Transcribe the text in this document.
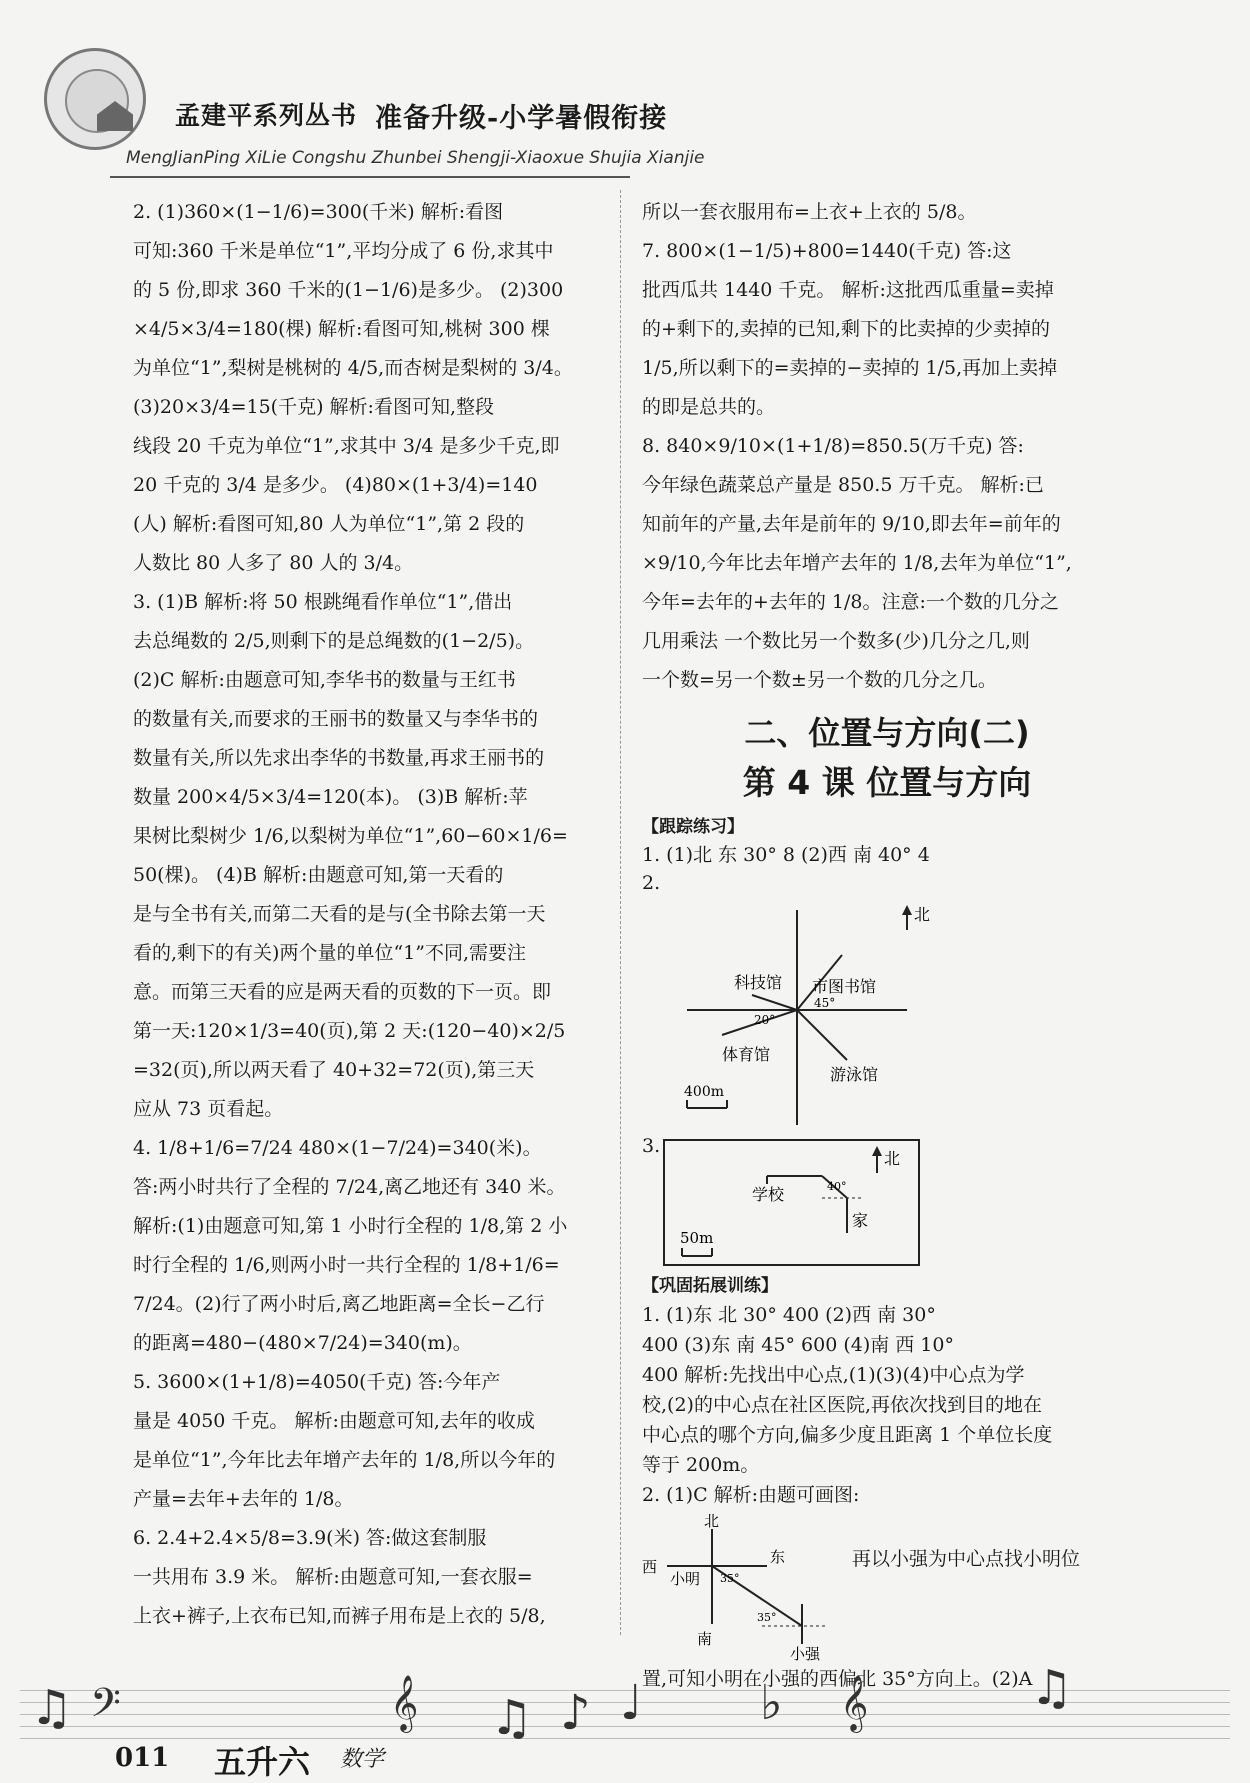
孟建平系列丛书 准备升级-小学暑假衔接
MengJianPing XiLie Congshu Zhunbei Shengji-Xiaoxue Shujia Xianjie

2. (1)360×(1−1/6)=300(千米) 解析:看图

可知:360 千米是单位“1”,平均分成了 6 份,求其中

的 5 份,即求 360 千米的(1−1/6)是多少。 (2)300

×4/5×3/4=180(棵) 解析:看图可知,桃树 300 棵

为单位“1”,梨树是桃树的 4/5,而杏树是梨树的 3/4。

(3)20×3/4=15(千克) 解析:看图可知,整段

线段 20 千克为单位“1”,求其中 3/4 是多少千克,即

20 千克的 3/4 是多少。 (4)80×(1+3/4)=140

(人) 解析:看图可知,80 人为单位“1”,第 2 段的

人数比 80 人多了 80 人的 3/4。

3. (1)B 解析:将 50 根跳绳看作单位“1”,借出

去总绳数的 2/5,则剩下的是总绳数的(1−2/5)。

(2)C 解析:由题意可知,李华书的数量与王红书

的数量有关,而要求的王丽书的数量又与李华书的

数量有关,所以先求出李华的书数量,再求王丽书的

数量 200×4/5×3/4=120(本)。 (3)B 解析:苹

果树比梨树少 1/6,以梨树为单位“1”,60−60×1/6=

50(棵)。 (4)B 解析:由题意可知,第一天看的

是与全书有关,而第二天看的是与(全书除去第一天

看的,剩下的有关)两个量的单位“1”不同,需要注

意。而第三天看的应是两天看的页数的下一页。即

第一天:120×1/3=40(页),第 2 天:(120−40)×2/5

=32(页),所以两天看了 40+32=72(页),第三天

应从 73 页看起。

4. 1/8+1/6=7/24 480×(1−7/24)=340(米)。

答:两小时共行了全程的 7/24,离乙地还有 340 米。

解析:(1)由题意可知,第 1 小时行全程的 1/8,第 2 小

时行全程的 1/6,则两小时一共行全程的 1/8+1/6=

7/24。(2)行了两小时后,离乙地距离=全长−乙行

的距离=480−(480×7/24)=340(m)。

5. 3600×(1+1/8)=4050(千克) 答:今年产

量是 4050 千克。 解析:由题意可知,去年的收成

是单位“1”,今年比去年增产去年的 1/8,所以今年的

产量=去年+去年的 1/8。

6. 2.4+2.4×5/8=3.9(米) 答:做这套制服

一共用布 3.9 米。 解析:由题意可知,一套衣服=

上衣+裤子,上衣布已知,而裤子用布是上衣的 5/8,

所以一套衣服用布=上衣+上衣的 5/8。

7. 800×(1−1/5)+800=1440(千克) 答:这

批西瓜共 1440 千克。 解析:这批西瓜重量=卖掉

的+剩下的,卖掉的已知,剩下的比卖掉的少卖掉的

1/5,所以剩下的=卖掉的−卖掉的 1/5,再加上卖掉

的即是总共的。

8. 840×9/10×(1+1/8)=850.5(万千克) 答:

今年绿色蔬菜总产量是 850.5 万千克。 解析:已

知前年的产量,去年是前年的 9/10,即去年=前年的

×9/10,今年比去年增产去年的 1/8,去年为单位“1”,

今年=去年的+去年的 1/8。注意:一个数的几分之

几用乘法 一个数比另一个数多(少)几分之几,则

一个数=另一个数±另一个数的几分之几。

二、位置与方向(二)

第 4 课 位置与方向

【跟踪练习】

1. (1)北 东 30° 8 (2)西 南 40° 4

2.

北
科技馆 市图书馆
体育馆
游泳馆
20°
45°
400m

3.

北
学校
家
40°
50m

【巩固拓展训练】

1. (1)东 北 30° 400 (2)西 南 30°

400 (3)东 南 45° 600 (4)南 西 10°

400 解析:先找出中心点,(1)(3)(4)中心点为学

校,(2)的中心点在社区医院,再依次找到目的地在

中心点的哪个方向,偏多少度且距离 1 个单位长度

等于 200m。

2. (1)C 解析:由题可画图:

北
西
东
南
小明
小强
35°
35°

再以小强为中心点找小明位

置,可知小明在小强的西偏北 35°方向上。(2)A

♫ 𝄢	𝄞 ♫ ♪ ♩ ♭ 𝄞	♫
011 五升六 数学
